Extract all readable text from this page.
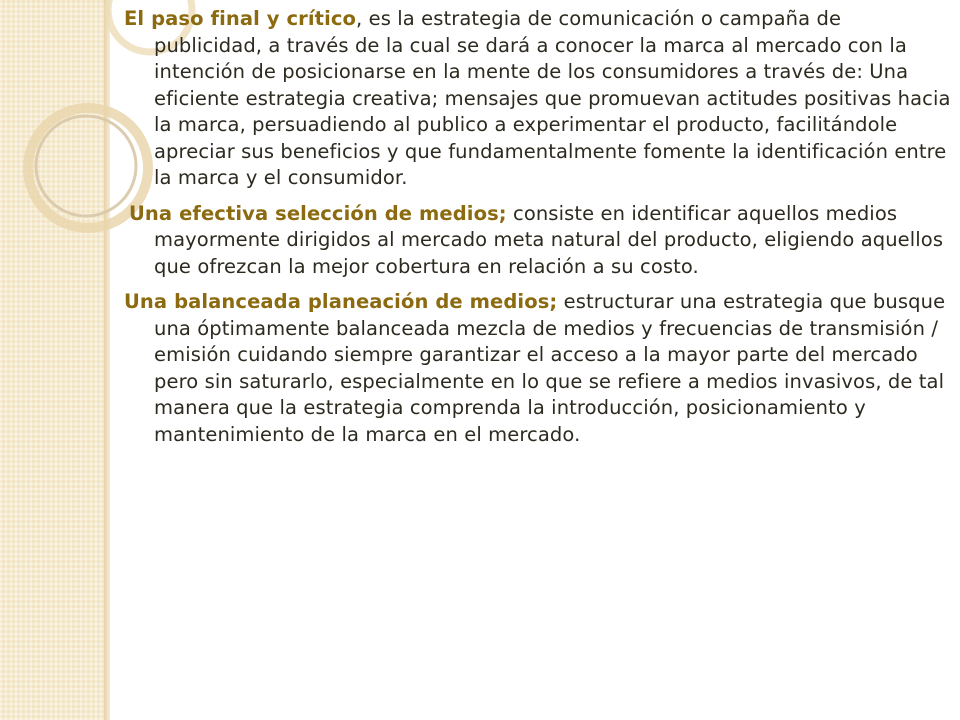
El paso final y crítico, es la estrategia de comunicación o campaña de publicidad, a través de la cual se dará a conocer la marca al mercado con la intención de posicionarse en la mente de los consumidores a través de: Una eficiente estrategia creativa; mensajes que promuevan actitudes positivas hacia la marca, persuadiendo al publico a experimentar el producto, facilitándole apreciar sus beneficios y que fundamentalmente fomente la identificación entre la marca y el consumidor.

Una efectiva selección de medios; consiste en identificar aquellos medios mayormente dirigidos al mercado meta natural del producto, eligiendo aquellos que ofrezcan la mejor cobertura en relación a su costo.

Una balanceada planeación de medios; estructurar una estrategia que busque una óptimamente balanceada mezcla de medios y frecuencias de transmisión / emisión cuidando siempre garantizar el acceso a la mayor parte del mercado pero sin saturarlo, especialmente en lo que se refiere a medios invasivos, de tal manera que la estrategia comprenda la introducción, posicionamiento y mantenimiento de la marca en el mercado.
